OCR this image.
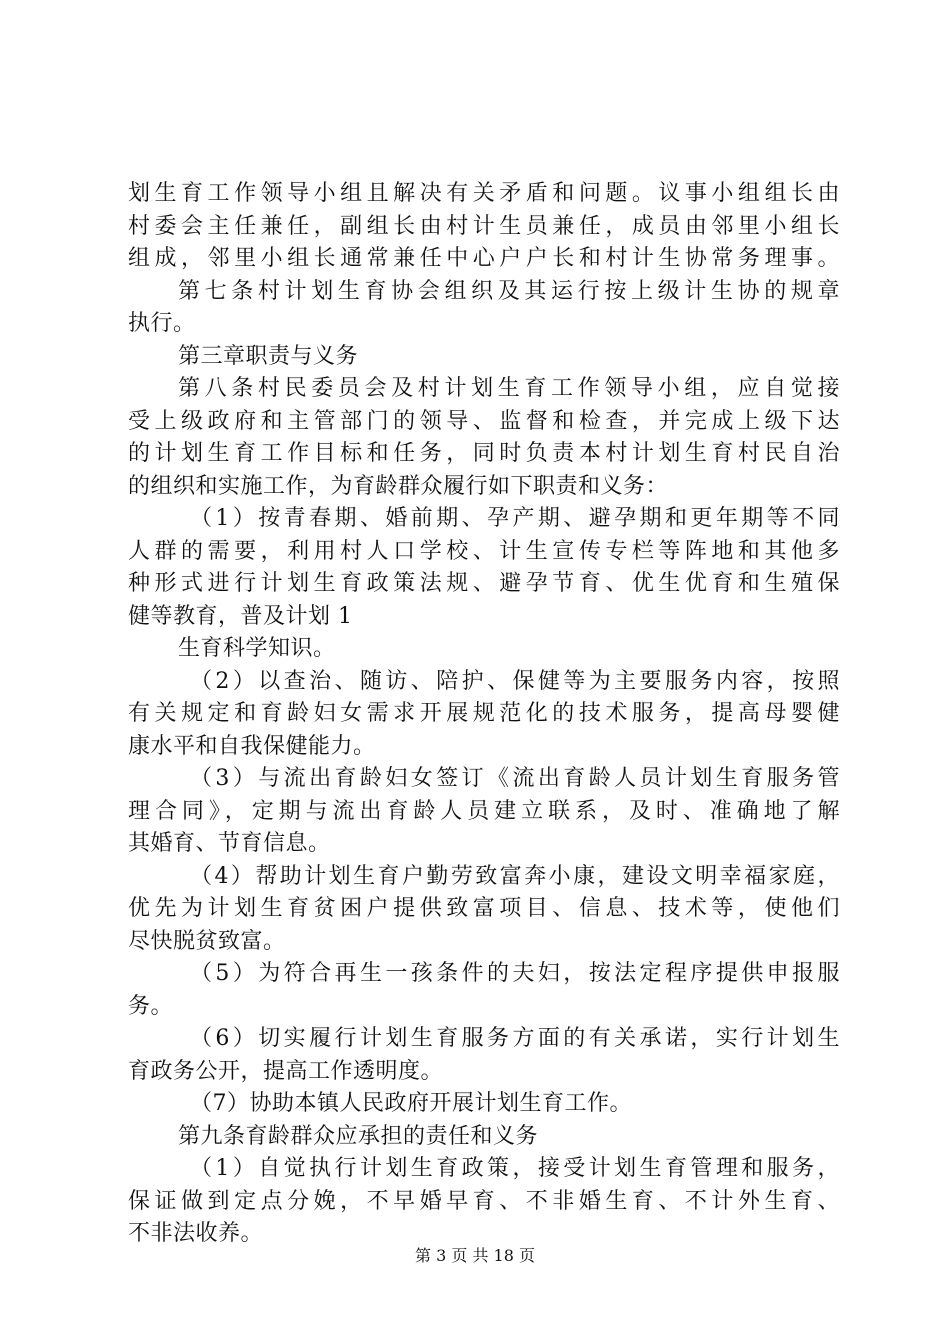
划生育工作领导小组且解决有关矛盾和问题。议事小组组长由
村委会主任兼任，副组长由村计生员兼任，成员由邻里小组长
组成，邻里小组长通常兼任中心户户长和村计生协常务理事。
第七条村计划生育协会组织及其运行按上级计生协的规章
执行。
第三章职责与义务
第八条村民委员会及村计划生育工作领导小组，应自觉接
受上级政府和主管部门的领导、监督和检查，并完成上级下达
的计划生育工作目标和任务，同时负责本村计划生育村民自治
的组织和实施工作，为育龄群众履行如下职责和义务：
（1）按青春期、婚前期、孕产期、避孕期和更年期等不同
人群的需要，利用村人口学校、计生宣传专栏等阵地和其他多
种形式进行计划生育政策法规、避孕节育、优生优育和生殖保
健等教育，普及计划 1
生育科学知识。
（2）以查治、随访、陪护、保健等为主要服务内容，按照
有关规定和育龄妇女需求开展规范化的技术服务，提高母婴健
康水平和自我保健能力。
（3）与流出育龄妇女签订《流出育龄人员计划生育服务管
理合同》，定期与流出育龄人员建立联系，及时、准确地了解
其婚育、节育信息。
（4）帮助计划生育户勤劳致富奔小康，建设文明幸福家庭，
优先为计划生育贫困户提供致富项目、信息、技术等，使他们
尽快脱贫致富。
（5）为符合再生一孩条件的夫妇，按法定程序提供申报服
务。
（6）切实履行计划生育服务方面的有关承诺，实行计划生
育政务公开，提高工作透明度。
（7）协助本镇人民政府开展计划生育工作。
第九条育龄群众应承担的责任和义务
（1）自觉执行计划生育政策，接受计划生育管理和服务，
保证做到定点分娩，不早婚早育、不非婚生育、不计外生育、
不非法收养。
第 3 页 共 18 页
